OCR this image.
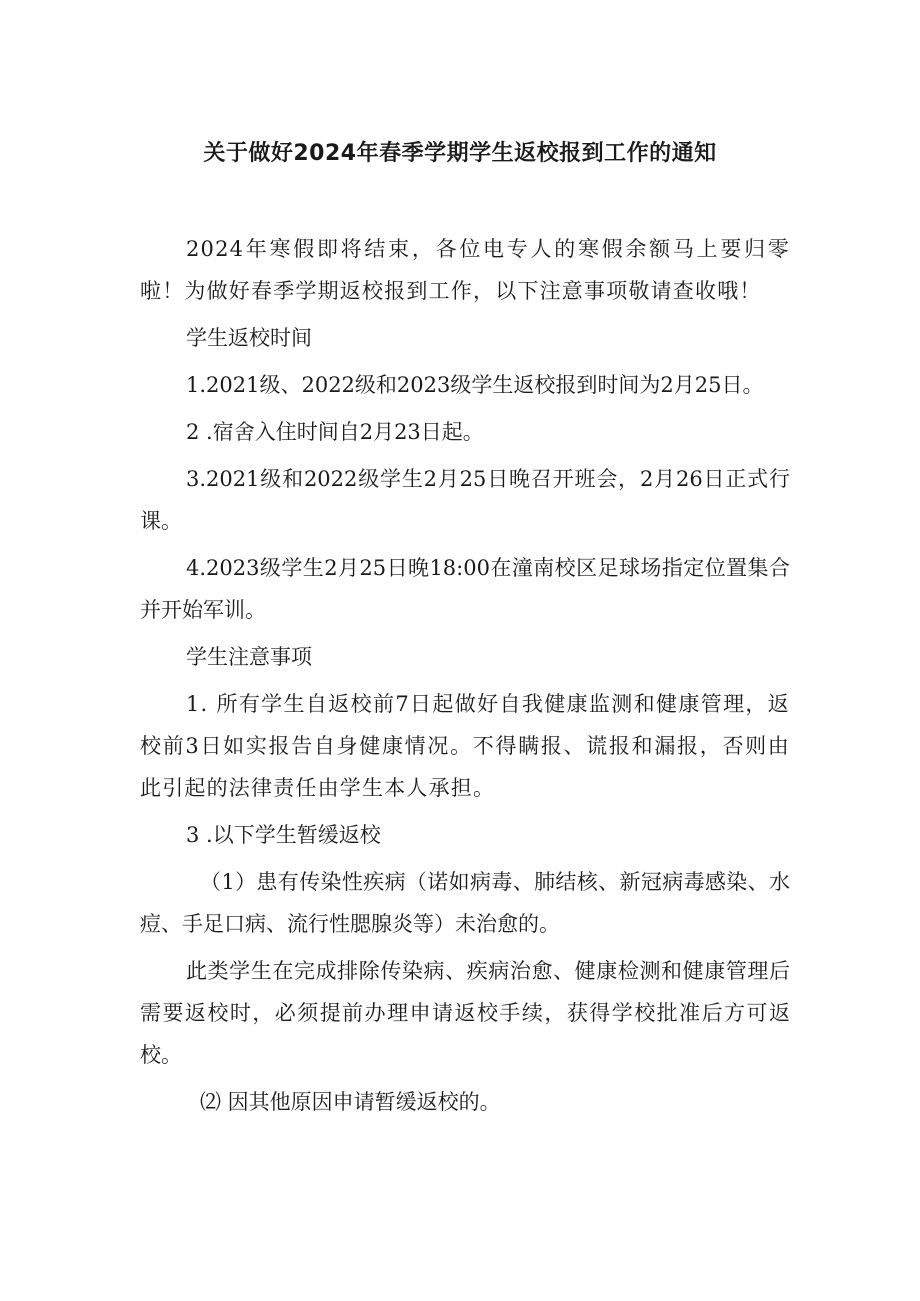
关于做好2024年春季学期学生返校报到工作的通知

2024年寒假即将结束，各位电专人的寒假余额马上要归零啦！为做好春季学期返校报到工作，以下注意事项敬请查收哦！

学生返校时间

1.2021级、2022级和2023级学生返校报到时间为2月25日。

2 .宿舍入住时间自2月23日起。

3.2021级和2022级学生2月25日晚召开班会，2月26日正式行课。

4.2023级学生2月25日晚18:00在潼南校区足球场指定位置集合并开始军训。

学生注意事项

1. 所有学生自返校前7日起做好自我健康监测和健康管理，返校前3日如实报告自身健康情况。不得瞒报、谎报和漏报，否则由此引起的法律责任由学生本人承担。

3 .以下学生暂缓返校

（1）患有传染性疾病（诺如病毒、肺结核、新冠病毒感染、水痘、手足口病、流行性腮腺炎等）未治愈的。

此类学生在完成排除传染病、疾病治愈、健康检测和健康管理后需要返校时，必须提前办理申请返校手续，获得学校批准后方可返校。

⑵ 因其他原因申请暂缓返校的。
